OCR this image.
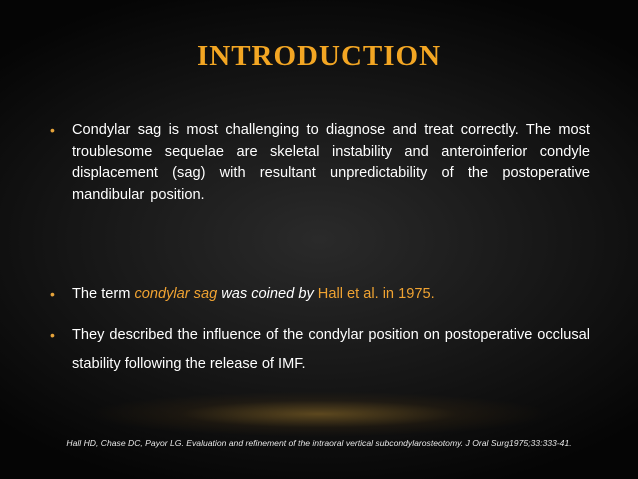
INTRODUCTION
• Condylar sag is most challenging to diagnose and treat correctly. The most troublesome sequelae are skeletal instability and anteroinferior condyle displacement (sag) with resultant unpredictability of the postoperative mandibular position.
• The term condylar sag was coined by Hall et al. in 1975.
• They described the influence of the condylar position on postoperative occlusal stability following the release of IMF.
Hall HD, Chase DC, Payor LG. Evaluation and refinement of the intraoral vertical subcondylarosteotomy. J Oral Surg1975;33:333-41.
